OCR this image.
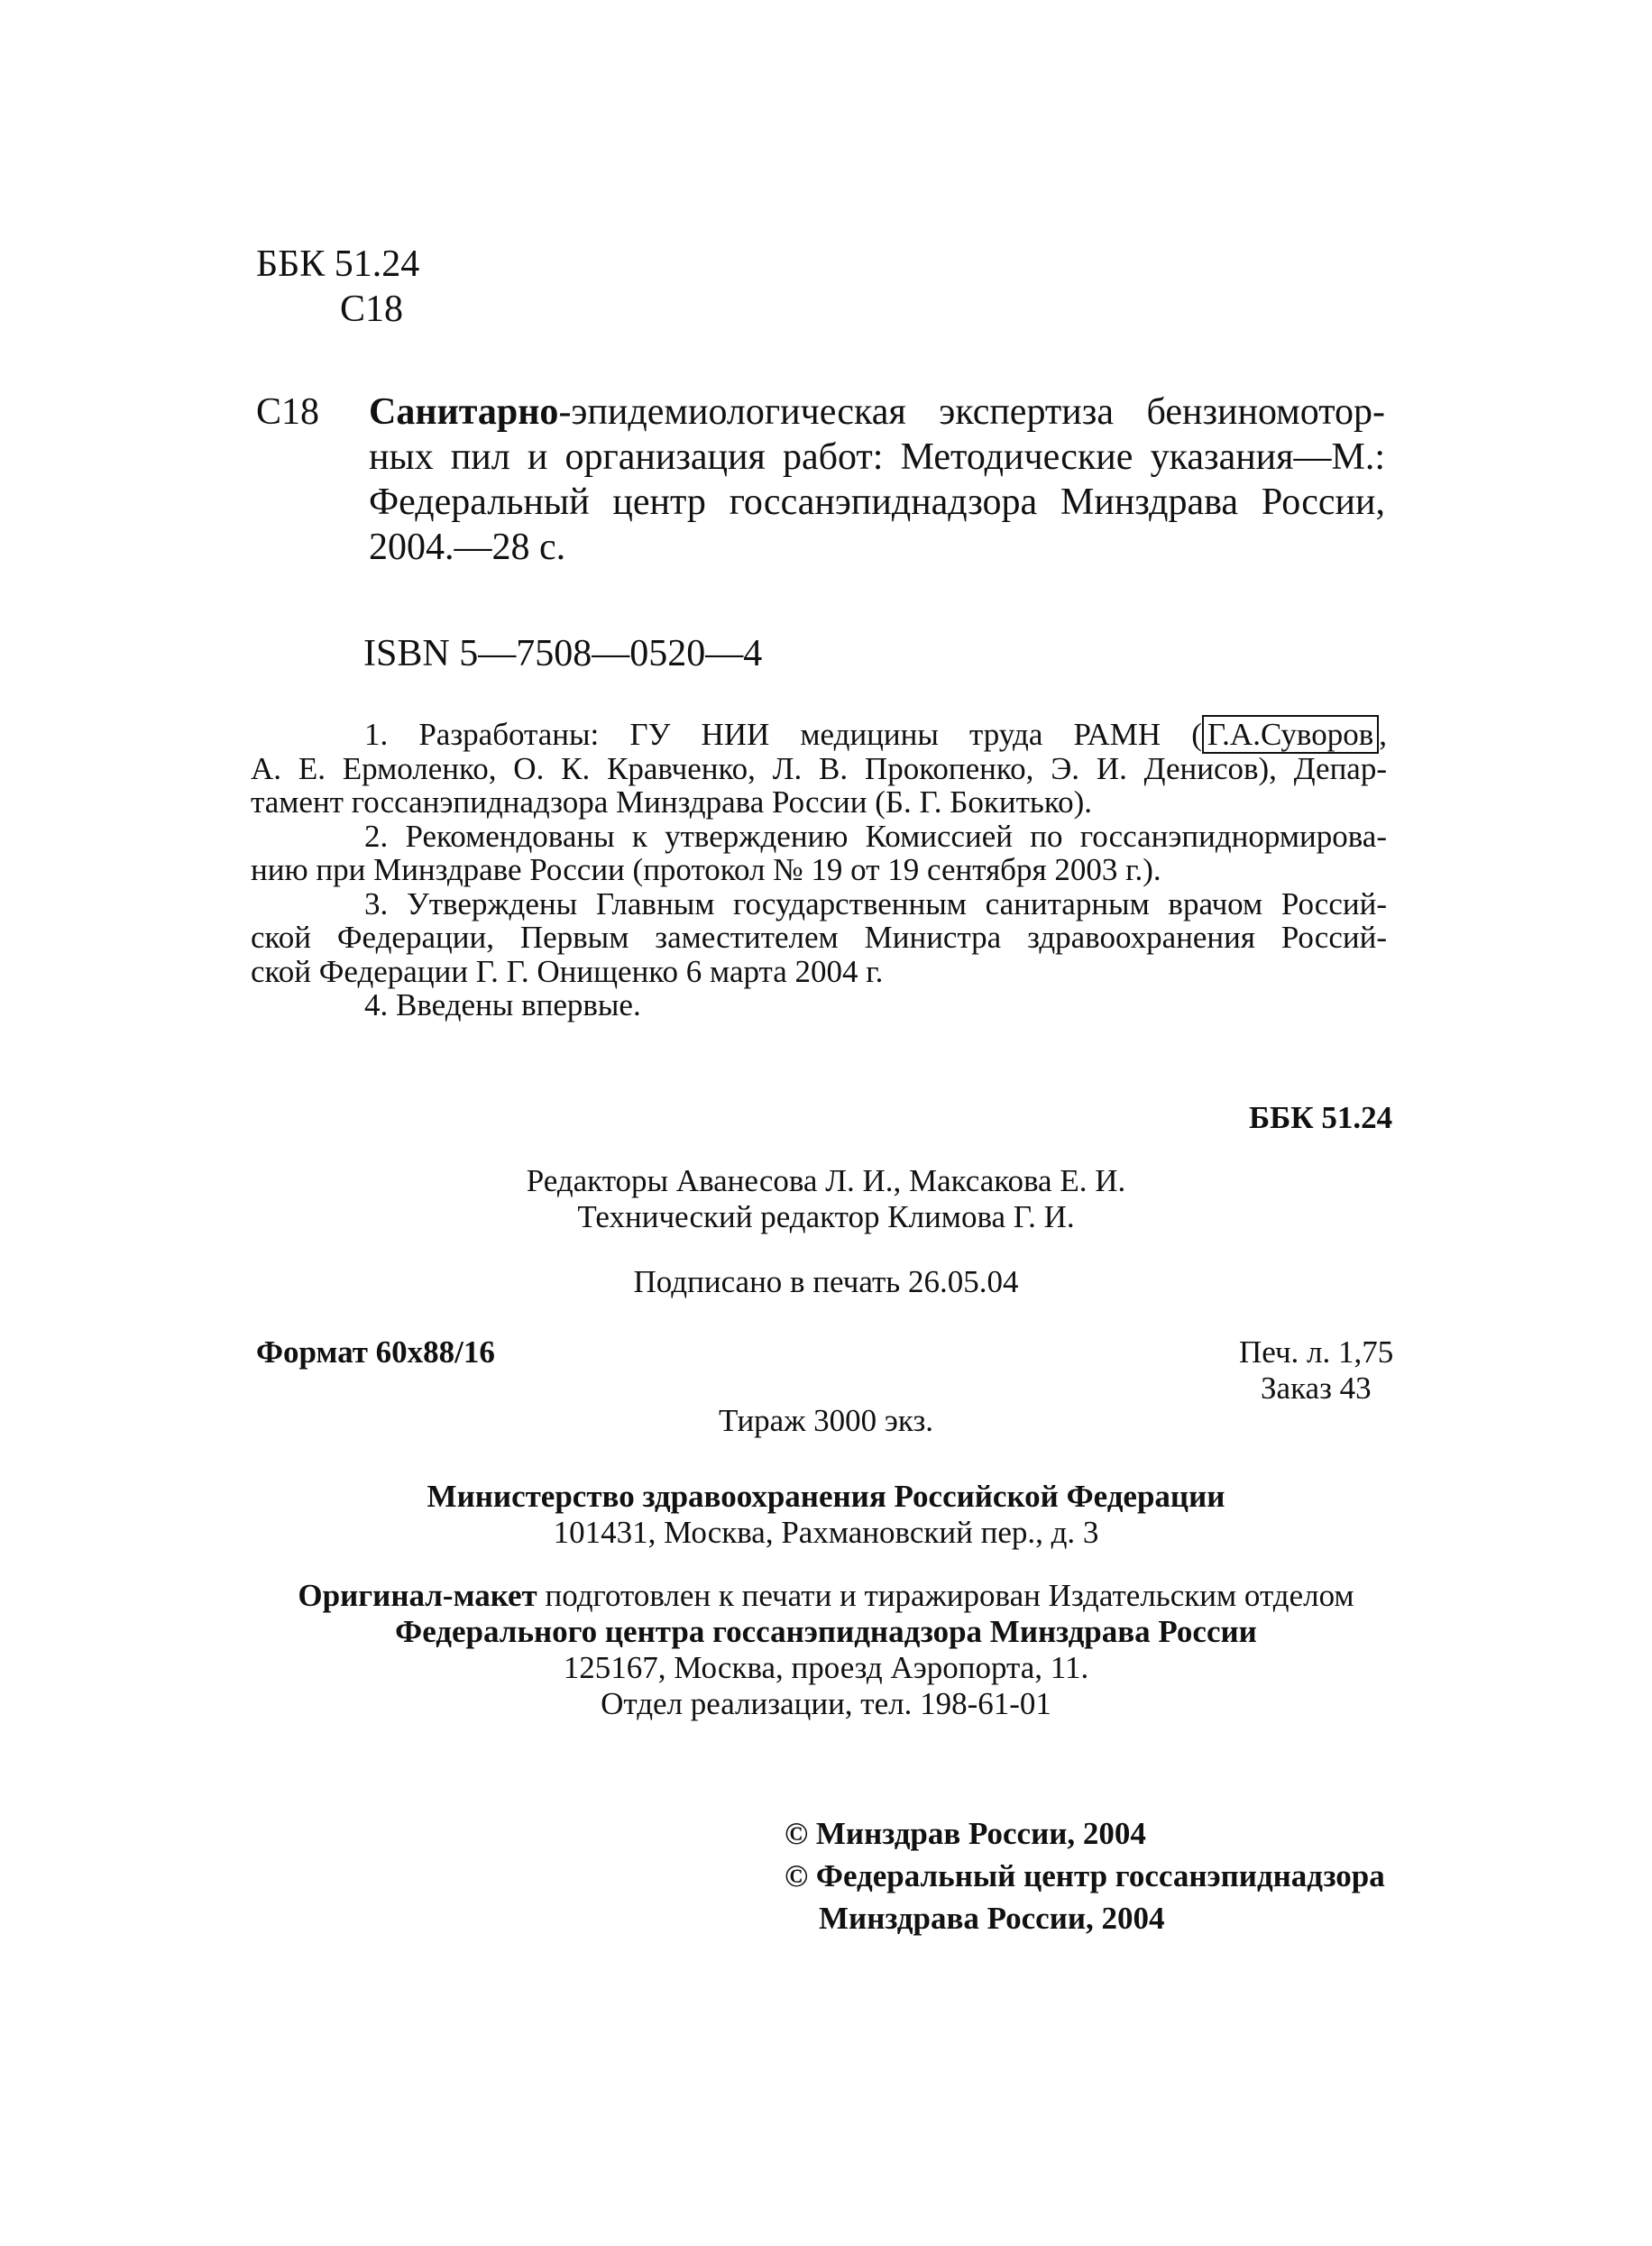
ББК 51.24
С18
С18 Санитарно-эпидемиологическая экспертиза бензиномотор-
ных пил и организация работ: Методические указания—М.:
Федеральный центр госсанэпиднадзора Минздрава России,
2004.—28 с.
ISBN 5—7508—0520—4
1. Разработаны: ГУ НИИ медицины труда РАМН ( Г.А.Суворов ,
А. Е. Ермоленко, О. К. Кравченко, Л. В. Прокопенко, Э. И. Денисов), Депар-
тамент госсанэпиднадзора Минздрава России (Б. Г. Бокитько).
2. Рекомендованы к утверждению Комиссией по госсанэпиднормирова-
нию при Минздраве России (протокол № 19 от 19 сентября 2003 г.).
3. Утверждены Главным государственным санитарным врачом Россий-
ской Федерации, Первым заместителем Министра здравоохранения Россий-
ской Федерации Г. Г. Онищенко 6 марта 2004 г.
4. Введены впервые.
ББК 51.24
Редакторы Аванесова Л. И., Максакова Е. И.
Технический редактор Климова Г. И.
Подписано в печать 26.05.04
Формат 60x88/16	Печ. л. 1,75
Заказ 43
Тираж 3000 экз.
Министерство здравоохранения Российской Федерации
101431, Москва, Рахмановский пер., д. 3
Оригинал-макет подготовлен к печати и тиражирован Издательским отделом
Федерального центра госсанэпиднадзора Минздрава России
125167, Москва, проезд Аэропорта, 11.
Отдел реализации, тел. 198-61-01
© Минздрав России, 2004
© Федеральный центр госсанэпиднадзора
Минздрава России, 2004
